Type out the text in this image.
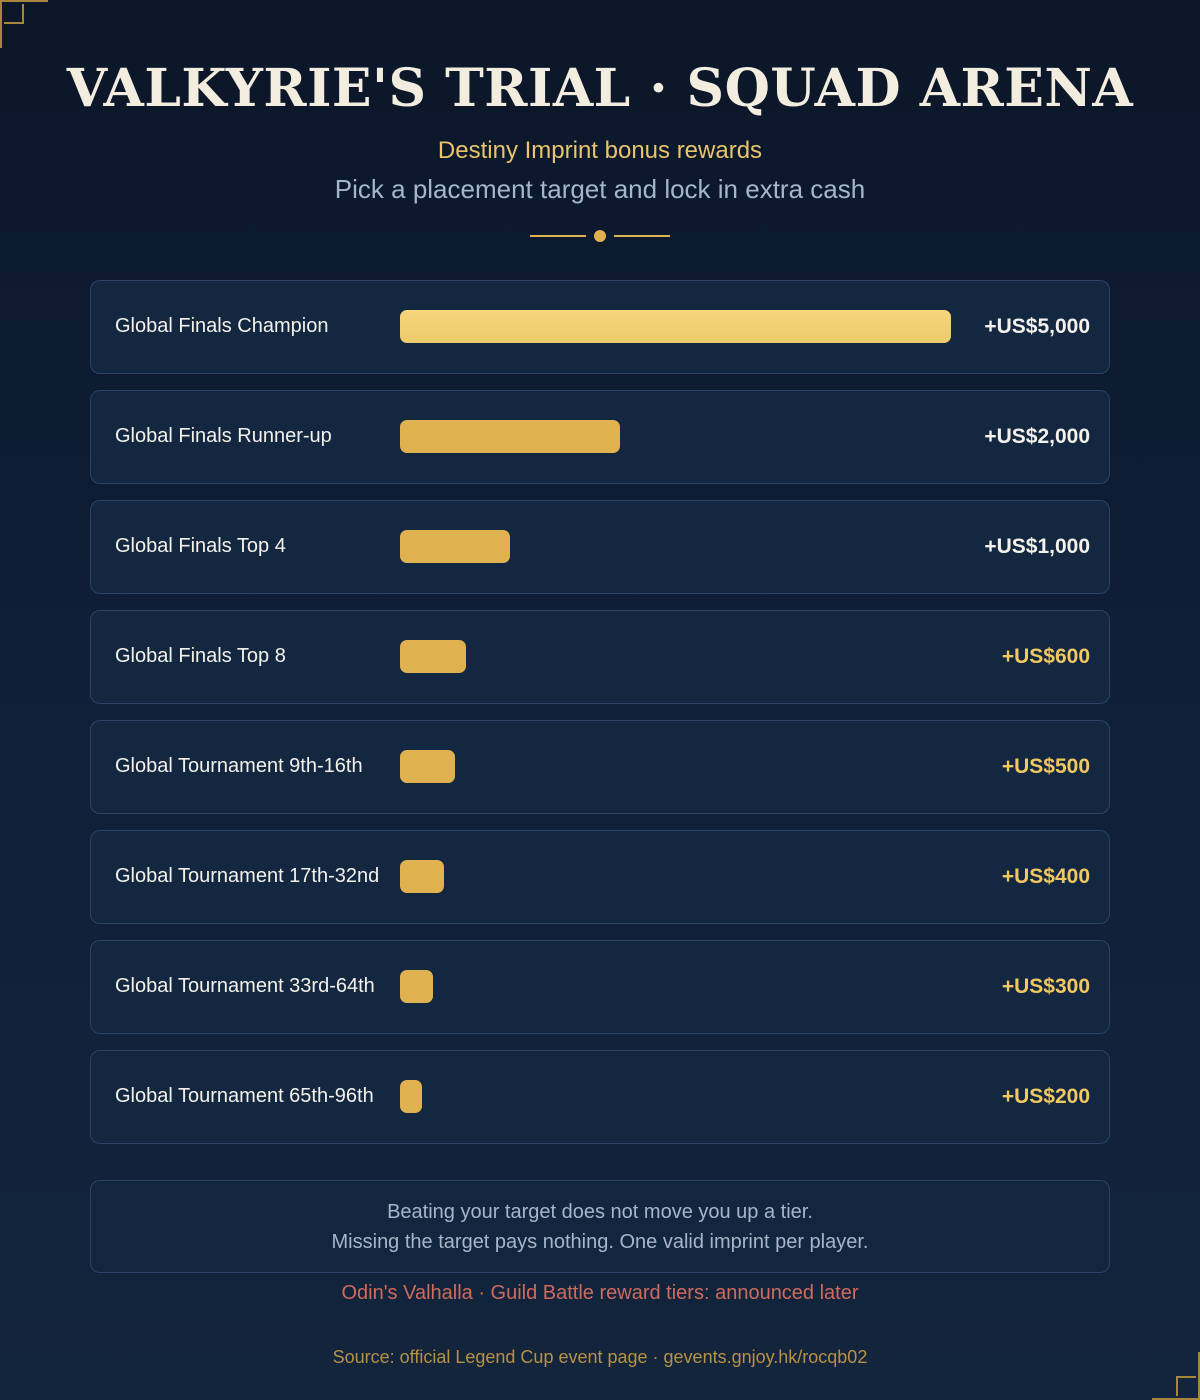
VALKYRIE'S TRIAL · SQUAD ARENA
Destiny Imprint bonus rewards
Pick a placement target and lock in extra cash
Global Finals Champion	+US$5,000
Global Finals Runner-up	+US$2,000
Global Finals Top 4	+US$1,000
Global Finals Top 8	+US$600
Global Tournament 9th-16th	+US$500
Global Tournament 17th-32nd	+US$400
Global Tournament 33rd-64th	+US$300
Global Tournament 65th-96th	+US$200
Beating your target does not move you up a tier.
Missing the target pays nothing. One valid imprint per player.
Odin's Valhalla · Guild Battle reward tiers: announced later
Source: official Legend Cup event page · gevents.gnjoy.hk/rocqb02
